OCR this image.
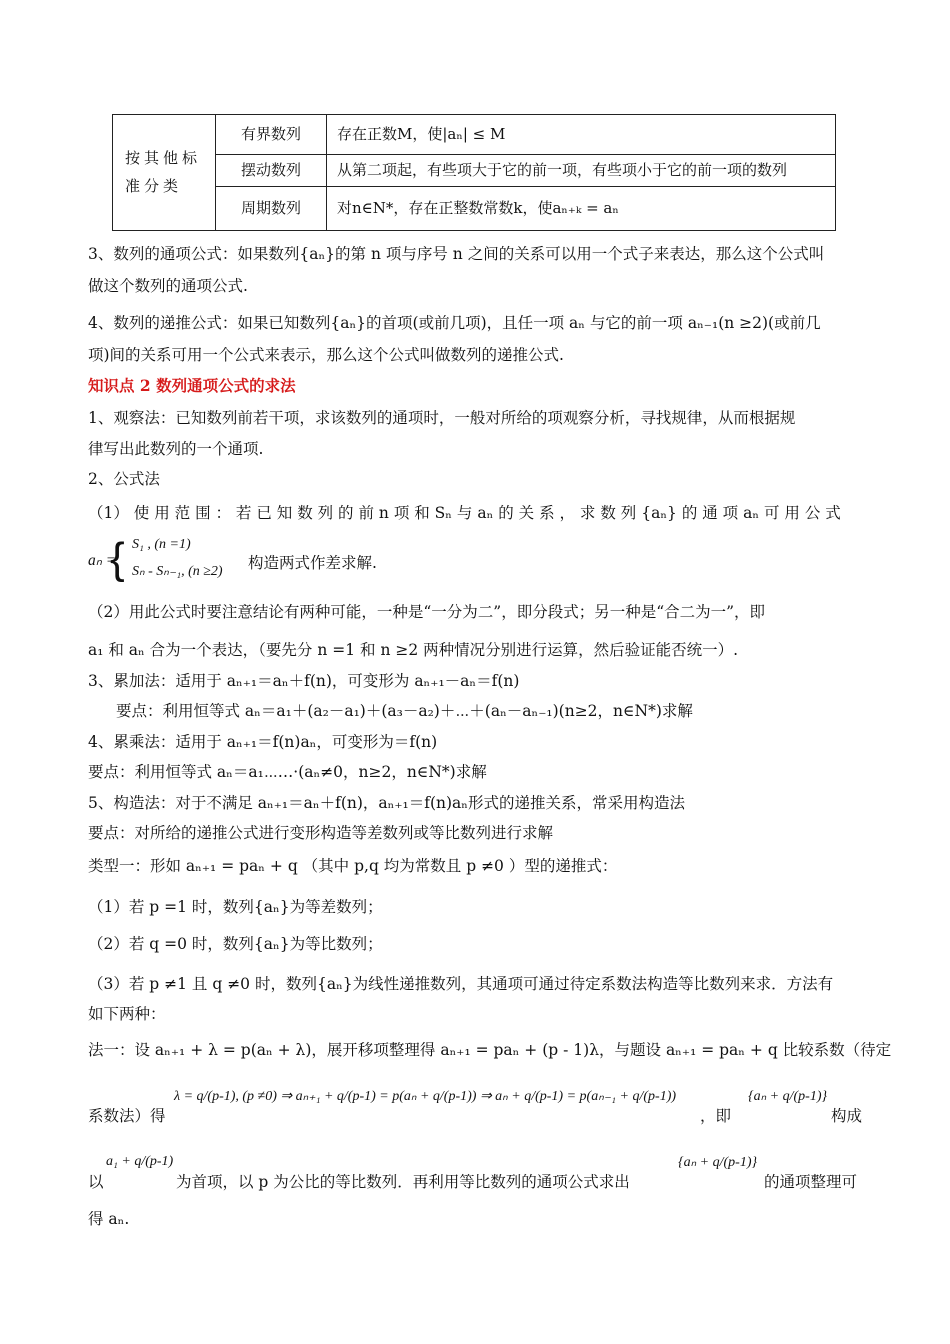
按其他标准分类	有界数列	存在正数M，使|aₙ| ≤ M
	摆动数列	从第二项起，有些项大于它的前一项，有些项小于它的前一项的数列
	周期数列	对n∈N*，存在正整数常数k，使aₙ₊ₖ = aₙ
3、数列的通项公式：如果数列{aₙ}的第 n 项与序号 n 之间的关系可以用一个式子来表达，那么这个公式叫
做这个数列的通项公式.
4、数列的递推公式：如果已知数列{aₙ}的首项(或前几项)，且任一项 aₙ 与它的前一项 aₙ₋₁(n ≥2)(或前几
项)间的关系可用一个公式来表示，那么这个公式叫做数列的递推公式.
知识点 2 数列通项公式的求法
1、观察法：已知数列前若干项，求该数列的通项时，一般对所给的项观察分析，寻找规律，从而根据规
律写出此数列的一个通项.
2、公式法
（1） 使 用 范 围 ： 若 已 知 数 列 的 前 n 项 和 Sₙ 与 aₙ 的 关 系 ， 求 数 列 {aₙ} 的 通 项 aₙ 可 用 公 式
aₙ =
{ S₁ , (n =1)
Sₙ - Sₙ₋₁, (n ≥2) 构造两式作差求解.
（2）用此公式时要注意结论有两种可能，一种是“一分为二”，即分段式；另一种是“合二为一”，即
a₁ 和 aₙ 合为一个表达，（要先分 n =1 和 n ≥2 两种情况分别进行运算，然后验证能否统一）.
3、累加法：适用于 aₙ₊₁＝aₙ＋f(n)，可变形为 aₙ₊₁－aₙ＝f(n)
要点：利用恒等式 aₙ＝a₁＋(a₂－a₁)＋(a₃－a₂)＋⋯＋(aₙ－aₙ₋₁)(n≥2，n∈N*)求解
4、累乘法：适用于 aₙ₊₁＝f(n)aₙ，可变形为＝f(n)
要点：利用恒等式 aₙ＝a₁⋯…·(aₙ≠0，n≥2，n∈N*)求解
5、构造法：对于不满足 aₙ₊₁＝aₙ＋f(n)，aₙ₊₁＝f(n)aₙ形式的递推关系，常采用构造法
要点：对所给的递推公式进行变形构造等差数列或等比数列进行求解
类型一：形如 aₙ₊₁ = paₙ + q （其中 p,q 均为常数且 p ≠0 ）型的递推式：
（1）若 p =1 时，数列{aₙ}为等差数列；
（2）若 q =0 时，数列{aₙ}为等比数列；
（3）若 p ≠1 且 q ≠0 时，数列{aₙ}为线性递推数列，其通项可通过待定系数法构造等比数列来求．方法有
如下两种：
法一：设 aₙ₊₁ + λ = p(aₙ + λ)，展开移项整理得 aₙ₊₁ = paₙ + (p - 1)λ，与题设 aₙ₊₁ = paₙ + q 比较系数（待定
系数法）得
λ = q/(p-1), (p ≠0) ⇒ aₙ₊₁ + q/(p-1) = p(aₙ + q/(p-1)) ⇒ aₙ + q/(p-1) = p(aₙ₋₁ + q/(p-1))
，即
{aₙ + q/(p-1)}
构成
以
a₁ + q/(p-1)
为首项，以 p 为公比的等比数列．再利用等比数列的通项公式求出
{aₙ + q/(p-1)}
的通项整理可
得 aₙ.
